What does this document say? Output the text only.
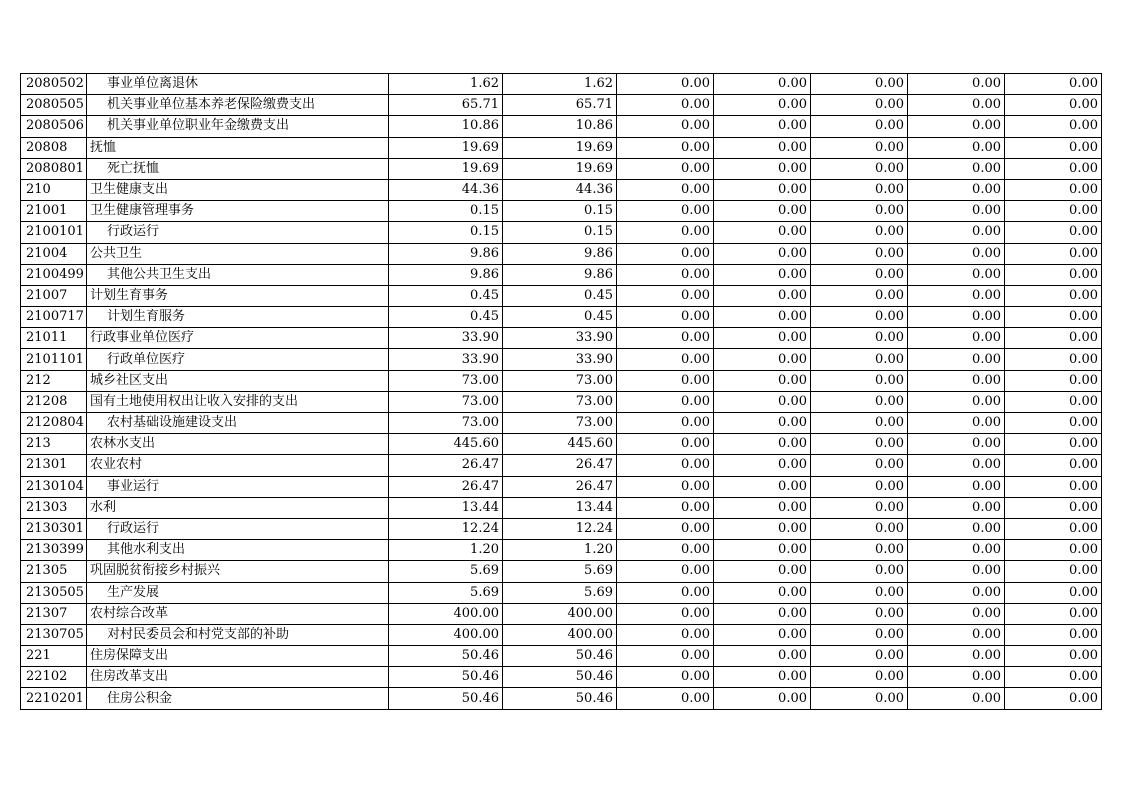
2080502	事业单位离退休	1.62	1.62	0.00	0.00	0.00	0.00	0.00
2080505	机关事业单位基本养老保险缴费支出	65.71	65.71	0.00	0.00	0.00	0.00	0.00
2080506	机关事业单位职业年金缴费支出	10.86	10.86	0.00	0.00	0.00	0.00	0.00
20808	抚恤	19.69	19.69	0.00	0.00	0.00	0.00	0.00
2080801	死亡抚恤	19.69	19.69	0.00	0.00	0.00	0.00	0.00
210	卫生健康支出	44.36	44.36	0.00	0.00	0.00	0.00	0.00
21001	卫生健康管理事务	0.15	0.15	0.00	0.00	0.00	0.00	0.00
2100101	行政运行	0.15	0.15	0.00	0.00	0.00	0.00	0.00
21004	公共卫生	9.86	9.86	0.00	0.00	0.00	0.00	0.00
2100499	其他公共卫生支出	9.86	9.86	0.00	0.00	0.00	0.00	0.00
21007	计划生育事务	0.45	0.45	0.00	0.00	0.00	0.00	0.00
2100717	计划生育服务	0.45	0.45	0.00	0.00	0.00	0.00	0.00
21011	行政事业单位医疗	33.90	33.90	0.00	0.00	0.00	0.00	0.00
2101101	行政单位医疗	33.90	33.90	0.00	0.00	0.00	0.00	0.00
212	城乡社区支出	73.00	73.00	0.00	0.00	0.00	0.00	0.00
21208	国有土地使用权出让收入安排的支出	73.00	73.00	0.00	0.00	0.00	0.00	0.00
2120804	农村基础设施建设支出	73.00	73.00	0.00	0.00	0.00	0.00	0.00
213	农林水支出	445.60	445.60	0.00	0.00	0.00	0.00	0.00
21301	农业农村	26.47	26.47	0.00	0.00	0.00	0.00	0.00
2130104	事业运行	26.47	26.47	0.00	0.00	0.00	0.00	0.00
21303	水利	13.44	13.44	0.00	0.00	0.00	0.00	0.00
2130301	行政运行	12.24	12.24	0.00	0.00	0.00	0.00	0.00
2130399	其他水利支出	1.20	1.20	0.00	0.00	0.00	0.00	0.00
21305	巩固脱贫衔接乡村振兴	5.69	5.69	0.00	0.00	0.00	0.00	0.00
2130505	生产发展	5.69	5.69	0.00	0.00	0.00	0.00	0.00
21307	农村综合改革	400.00	400.00	0.00	0.00	0.00	0.00	0.00
2130705	对村民委员会和村党支部的补助	400.00	400.00	0.00	0.00	0.00	0.00	0.00
221	住房保障支出	50.46	50.46	0.00	0.00	0.00	0.00	0.00
22102	住房改革支出	50.46	50.46	0.00	0.00	0.00	0.00	0.00
2210201	住房公积金	50.46	50.46	0.00	0.00	0.00	0.00	0.00
